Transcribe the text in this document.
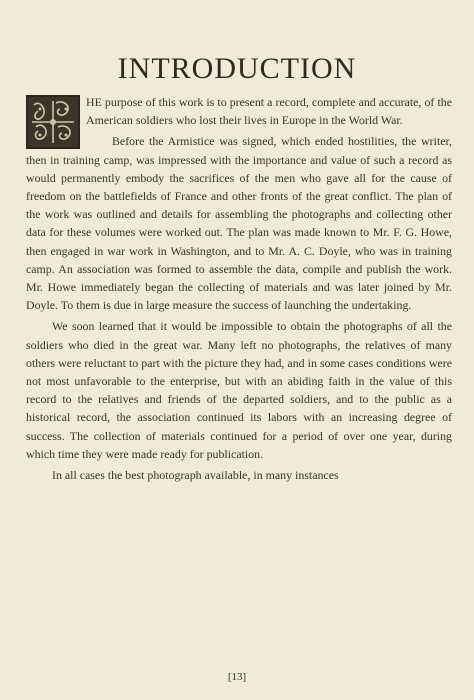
INTRODUCTION

HE purpose of this work is to present a record, complete and accurate, of the American soldiers who lost their lives in Europe in the World War.

Before the Armistice was signed, which ended hostilities, the writer, then in training camp, was impressed with the importance and value of such a record as would permanently embody the sacrifices of the men who gave all for the cause of freedom on the battlefields of France and other fronts of the great conflict. The plan of the work was outlined and details for assembling the photographs and collecting other data for these volumes were worked out. The plan was made known to Mr. F. G. Howe, then engaged in war work in Washington, and to Mr. A. C. Doyle, who was in training camp. An association was formed to assemble the data, compile and publish the work. Mr. Howe immediately began the collecting of materials and was later joined by Mr. Doyle. To them is due in large measure the success of launching the undertaking.

We soon learned that it would be impossible to obtain the photographs of all the soldiers who died in the great war. Many left no photographs, the relatives of many others were reluctant to part with the picture they had, and in some cases conditions were not most unfavorable to the enterprise, but with an abiding faith in the value of this record to the relatives and friends of the departed soldiers, and to the public as a historical record, the association continued its labors with an increasing degree of success. The collection of materials continued for a period of over one year, during which time they were made ready for publication.

In all cases the best photograph available, in many instances

[13]
